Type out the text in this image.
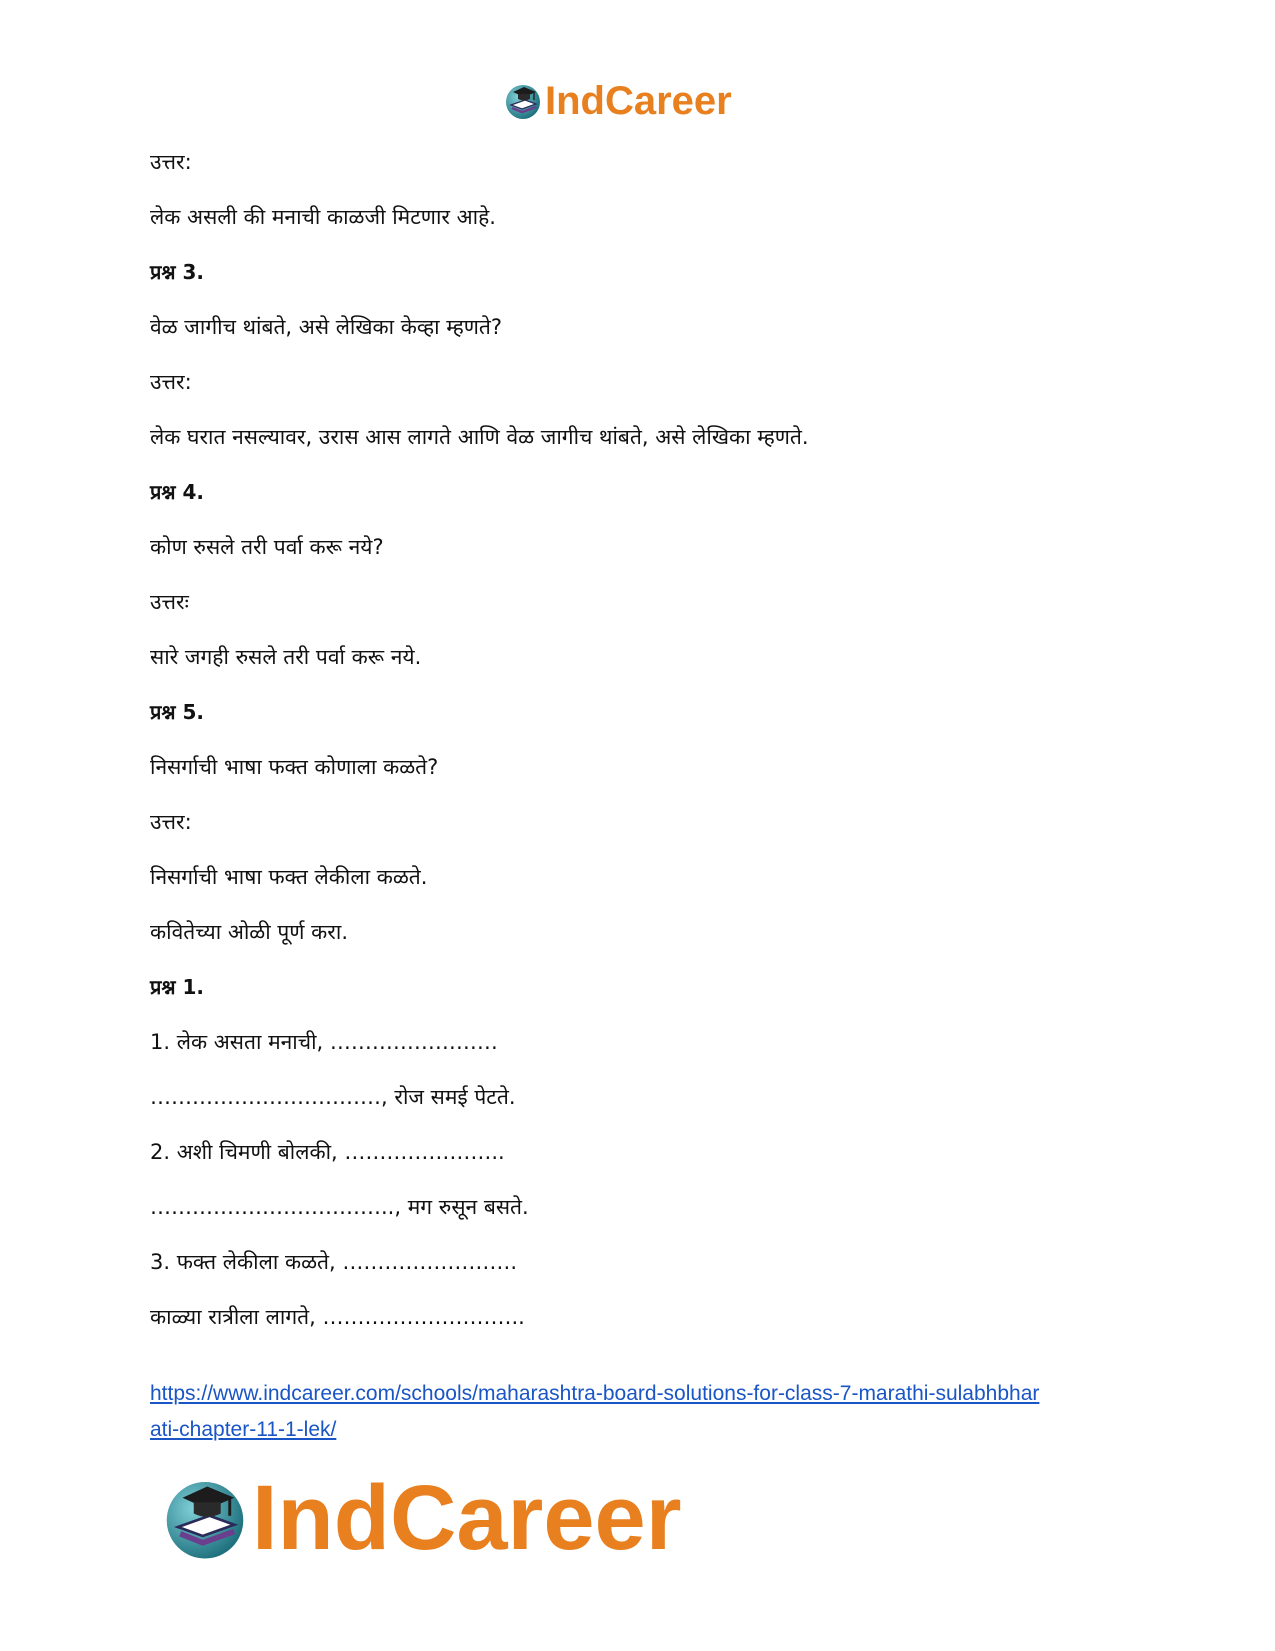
IndCareer
उत्तर:
लेक असली की मनाची काळजी मिटणार आहे.
प्रश्न 3.
वेळ जागीच थांबते, असे लेखिका केव्हा म्हणते?
उत्तर:
लेक घरात नसल्यावर, उरास आस लागते आणि वेळ जागीच थांबते, असे लेखिका म्हणते.
प्रश्न 4.
कोण रुसले तरी पर्वा करू नये?
उत्तरः
सारे जगही रुसले तरी पर्वा करू नये.
प्रश्न 5.
निसर्गाची भाषा फक्त कोणाला कळते?
उत्तर:
निसर्गाची भाषा फक्त लेकीला कळते.
कवितेच्या ओळी पूर्ण करा.
प्रश्न 1.
1. लेक असता मनाची, ……………………
……………………………, रोज समई पेटते.
2. अशी चिमणी बोलकी, …………………..
…………………………….., मग रुसून बसते.
3. फक्त लेकीला कळते, …………………….
काळ्या रात्रीला लागते, ………………………..
https://www.indcareer.com/schools/maharashtra-board-solutions-for-class-7-marathi-sulabhbhar
ati-chapter-11-1-lek/
IndCareer
